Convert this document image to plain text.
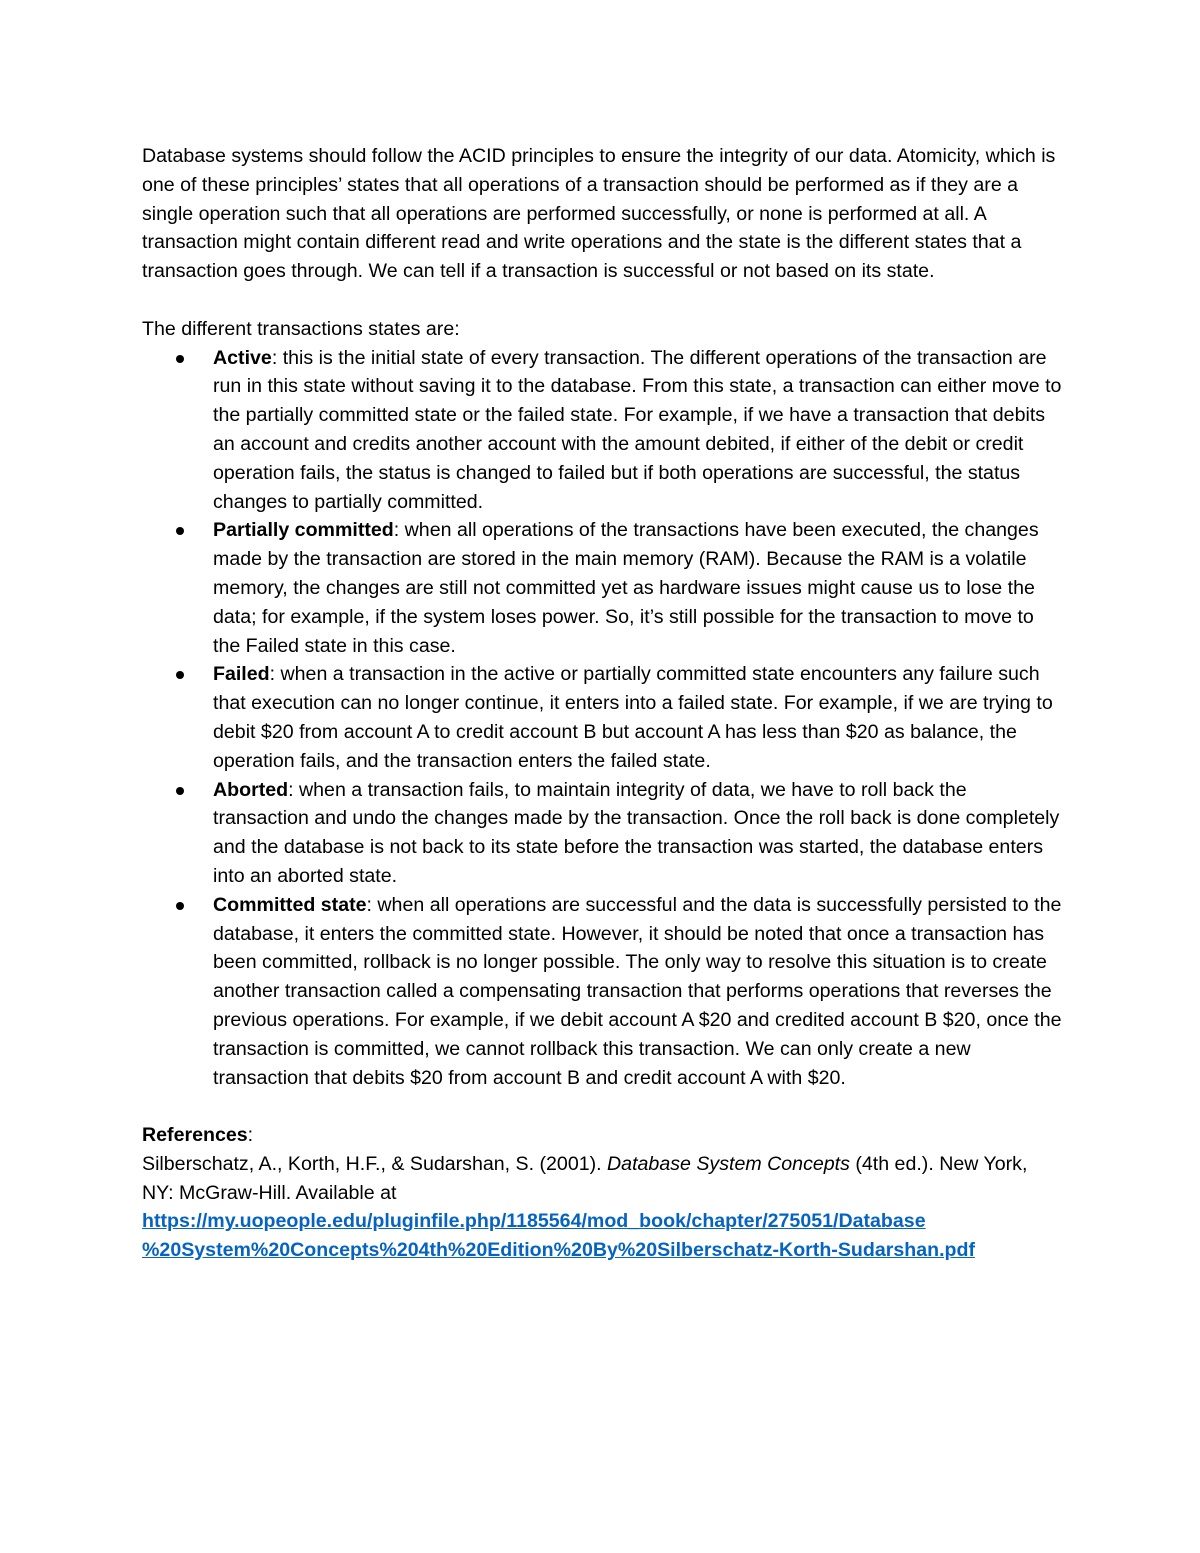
Database systems should follow the ACID principles to ensure the integrity of our data. Atomicity, which is one of these principles’ states that all operations of a transaction should be performed as if they are a single operation such that all operations are performed successfully, or none is performed at all. A transaction might contain different read and write operations and the state is the different states that a transaction goes through. We can tell if a transaction is successful or not based on its state.

The different transactions states are:

Active: this is the initial state of every transaction. The different operations of the transaction are run in this state without saving it to the database. From this state, a transaction can either move to the partially committed state or the failed state. For example, if we have a transaction that debits an account and credits another account with the amount debited, if either of the debit or credit operation fails, the status is changed to failed but if both operations are successful, the status changes to partially committed.
Partially committed: when all operations of the transactions have been executed, the changes made by the transaction are stored in the main memory (RAM). Because the RAM is a volatile memory, the changes are still not committed yet as hardware issues might cause us to lose the data; for example, if the system loses power. So, it’s still possible for the transaction to move to the Failed state in this case.
Failed: when a transaction in the active or partially committed state encounters any failure such that execution can no longer continue, it enters into a failed state. For example, if we are trying to debit $20 from account A to credit account B but account A has less than $20 as balance, the operation fails, and the transaction enters the failed state.
Aborted: when a transaction fails, to maintain integrity of data, we have to roll back the transaction and undo the changes made by the transaction. Once the roll back is done completely and the database is not back to its state before the transaction was started, the database enters into an aborted state.
Committed state: when all operations are successful and the data is successfully persisted to the database, it enters the committed state. However, it should be noted that once a transaction has been committed, rollback is no longer possible. The only way to resolve this situation is to create another transaction called a compensating transaction that performs operations that reverses the previous operations. For example, if we debit account A $20 and credited account B $20, once the transaction is committed, we cannot rollback this transaction. We can only create a new transaction that debits $20 from account B and credit account A with $20.

References :

Silberschatz, A., Korth, H.F., & Sudarshan, S. (2001). Database System Concepts (4th ed.). New York, NY: McGraw-Hill. Available at

https://my.uopeople.edu/pluginfile.php/1185564/mod_book/chapter/275051/Database
%20System%20Concepts%204th%20Edition%20By%20Silberschatz-Korth-Sudarshan.pdf
